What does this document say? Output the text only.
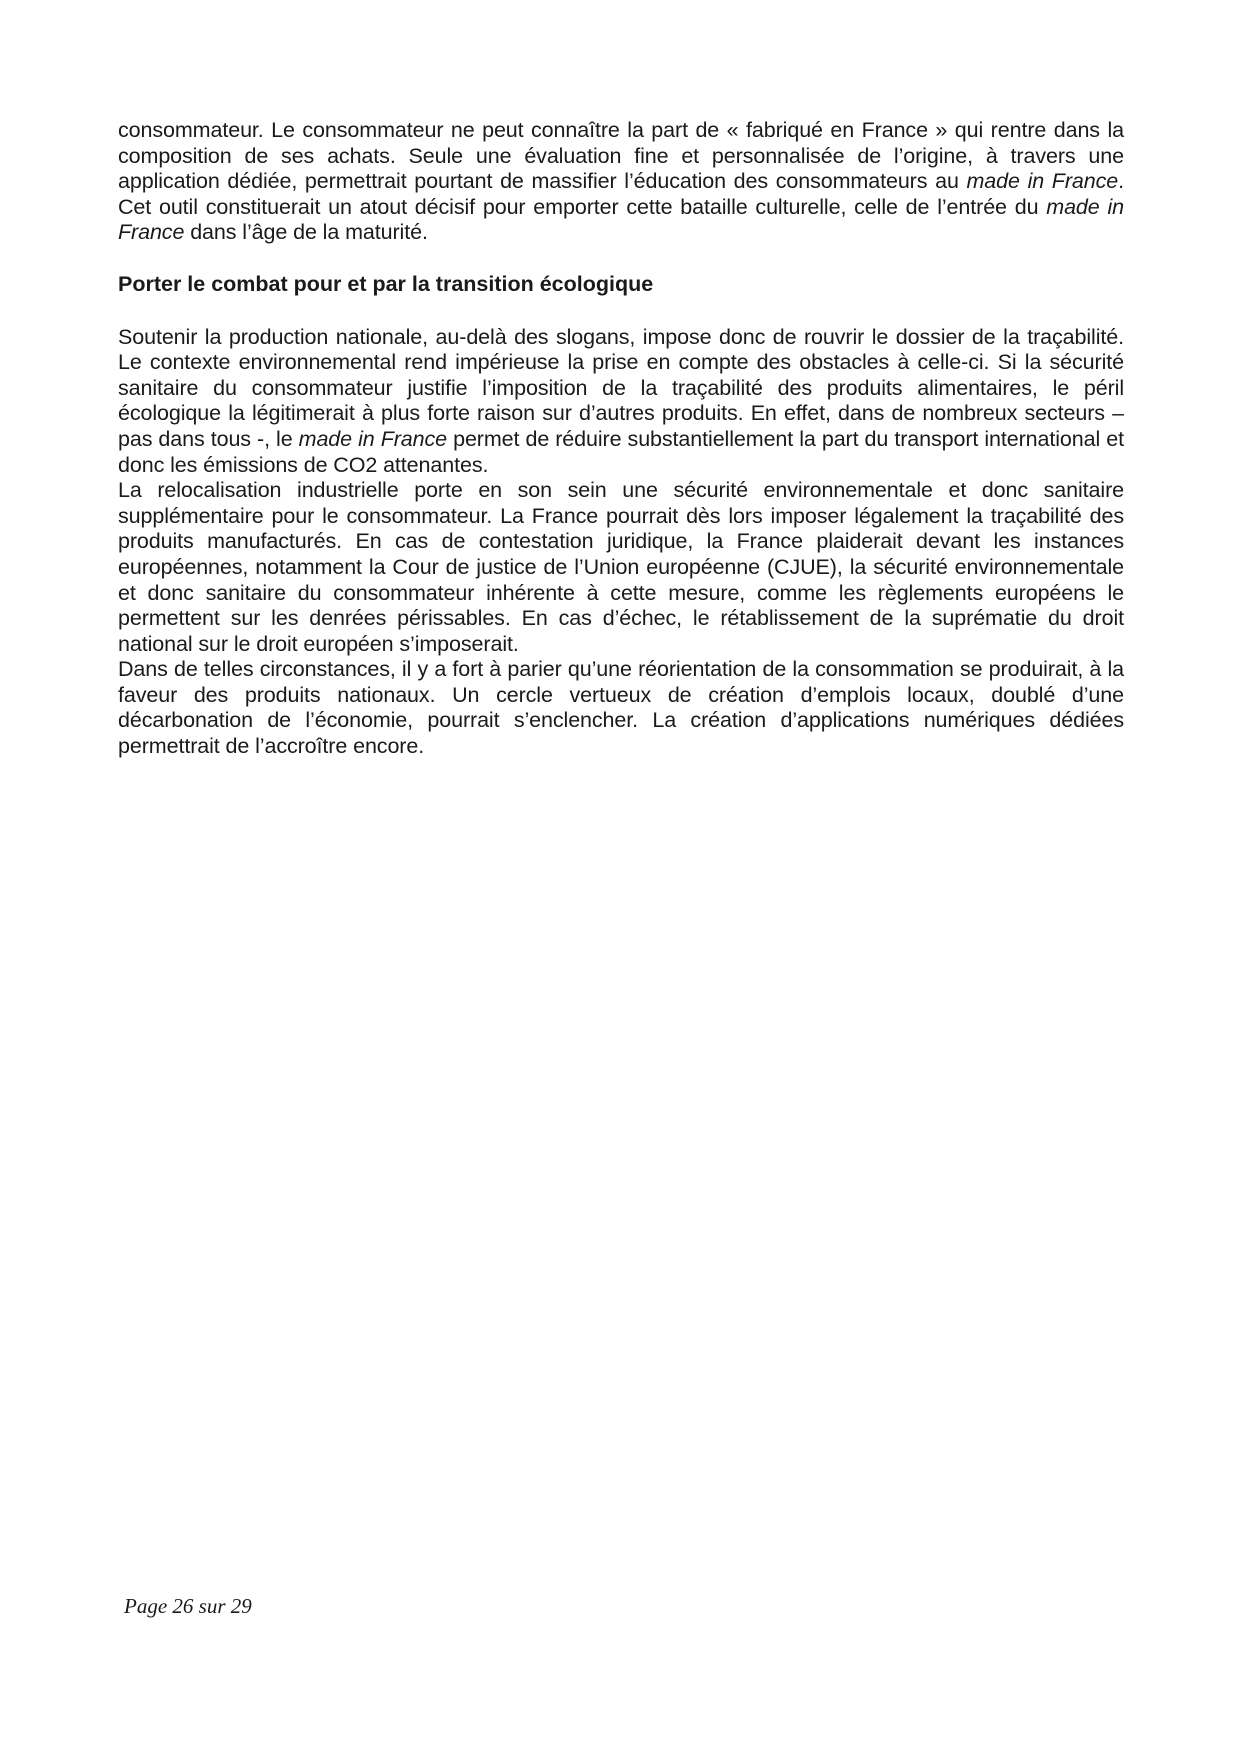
consommateur. Le consommateur ne peut connaître la part de « fabriqué en France » qui rentre dans la composition de ses achats. Seule une évaluation fine et personnalisée de l’origine, à travers une application dédiée, permettrait pourtant de massifier l’éducation des consommateurs au made in France. Cet outil constituerait un atout décisif pour emporter cette bataille culturelle, celle de l’entrée du made in France dans l’âge de la maturité.

Porter le combat pour et par la transition écologique

Soutenir la production nationale, au-delà des slogans, impose donc de rouvrir le dossier de la traçabilité. Le contexte environnemental rend impérieuse la prise en compte des obstacles à celle-ci. Si la sécurité sanitaire du consommateur justifie l’imposition de la traçabilité des produits alimentaires, le péril écologique la légitimerait à plus forte raison sur d’autres produits. En effet, dans de nombreux secteurs – pas dans tous -, le made in France permet de réduire substantiellement la part du transport international et donc les émissions de CO2 attenantes.

La relocalisation industrielle porte en son sein une sécurité environnementale et donc sanitaire supplémentaire pour le consommateur. La France pourrait dès lors imposer légalement la traçabilité des produits manufacturés. En cas de contestation juridique, la France plaiderait devant les instances européennes, notamment la Cour de justice de l’Union européenne (CJUE), la sécurité environnementale et donc sanitaire du consommateur inhérente à cette mesure, comme les règlements européens le permettent sur les denrées périssables. En cas d’échec, le rétablissement de la suprématie du droit national sur le droit européen s’imposerait.

Dans de telles circonstances, il y a fort à parier qu’une réorientation de la consommation se produirait, à la faveur des produits nationaux. Un cercle vertueux de création d’emplois locaux, doublé d’une décarbonation de l’économie, pourrait s’enclencher. La création d’applications numériques dédiées permettrait de l’accroître encore.

Page 26 sur 29
